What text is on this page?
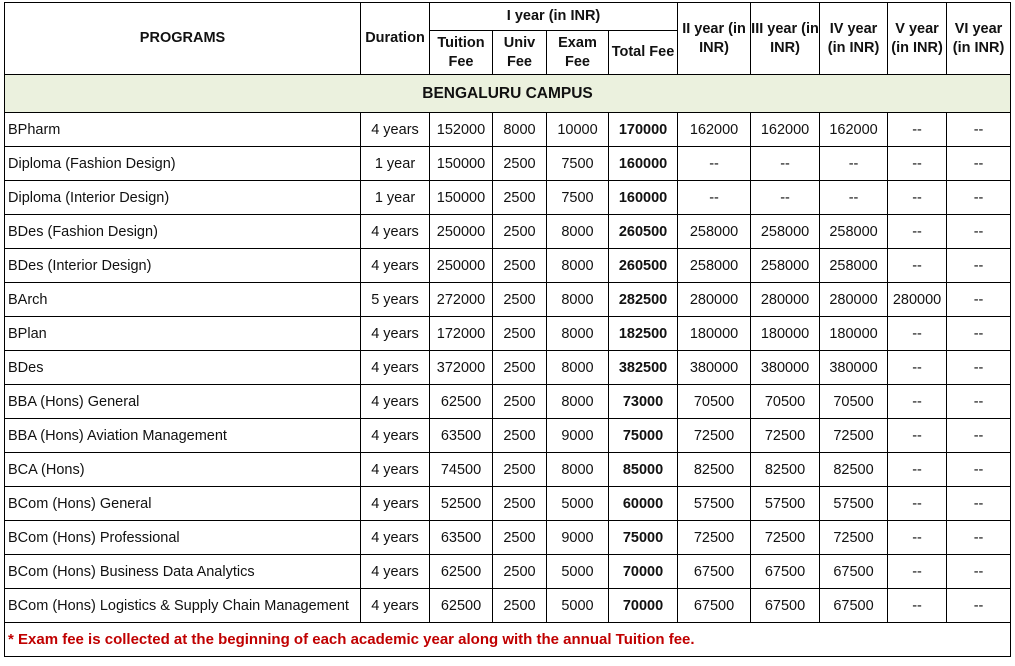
PROGRAMS	Duration	I year (in INR)				II year (in INR)	III year (in INR)	IV year (in INR)	V year (in INR)	VI year (in INR)
		Tuition Fee	Univ Fee	Exam Fee	Total Fee					
BENGALURU CAMPUS										
BPharm	4 years	152000	8000	10000	170000	162000	162000	162000	--	--
Diploma (Fashion Design)	1 year	150000	2500	7500	160000	--	--	--	--	--
Diploma (Interior Design)	1 year	150000	2500	7500	160000	--	--	--	--	--
BDes (Fashion Design)	4 years	250000	2500	8000	260500	258000	258000	258000	--	--
BDes (Interior Design)	4 years	250000	2500	8000	260500	258000	258000	258000	--	--
BArch	5 years	272000	2500	8000	282500	280000	280000	280000	280000	--
BPlan	4 years	172000	2500	8000	182500	180000	180000	180000	--	--
BDes	4 years	372000	2500	8000	382500	380000	380000	380000	--	--
BBA (Hons) General	4 years	62500	2500	8000	73000	70500	70500	70500	--	--
BBA (Hons) Aviation Management	4 years	63500	2500	9000	75000	72500	72500	72500	--	--
BCA (Hons)	4 years	74500	2500	8000	85000	82500	82500	82500	--	--
BCom (Hons) General	4 years	52500	2500	5000	60000	57500	57500	57500	--	--
BCom (Hons) Professional	4 years	63500	2500	9000	75000	72500	72500	72500	--	--
BCom (Hons) Business Data Analytics	4 years	62500	2500	5000	70000	67500	67500	67500	--	--
BCom (Hons) Logistics & Supply Chain Management	4 years	62500	2500	5000	70000	67500	67500	67500	--	--
* Exam fee is collected at the beginning of each academic year along with the annual Tuition fee.										
